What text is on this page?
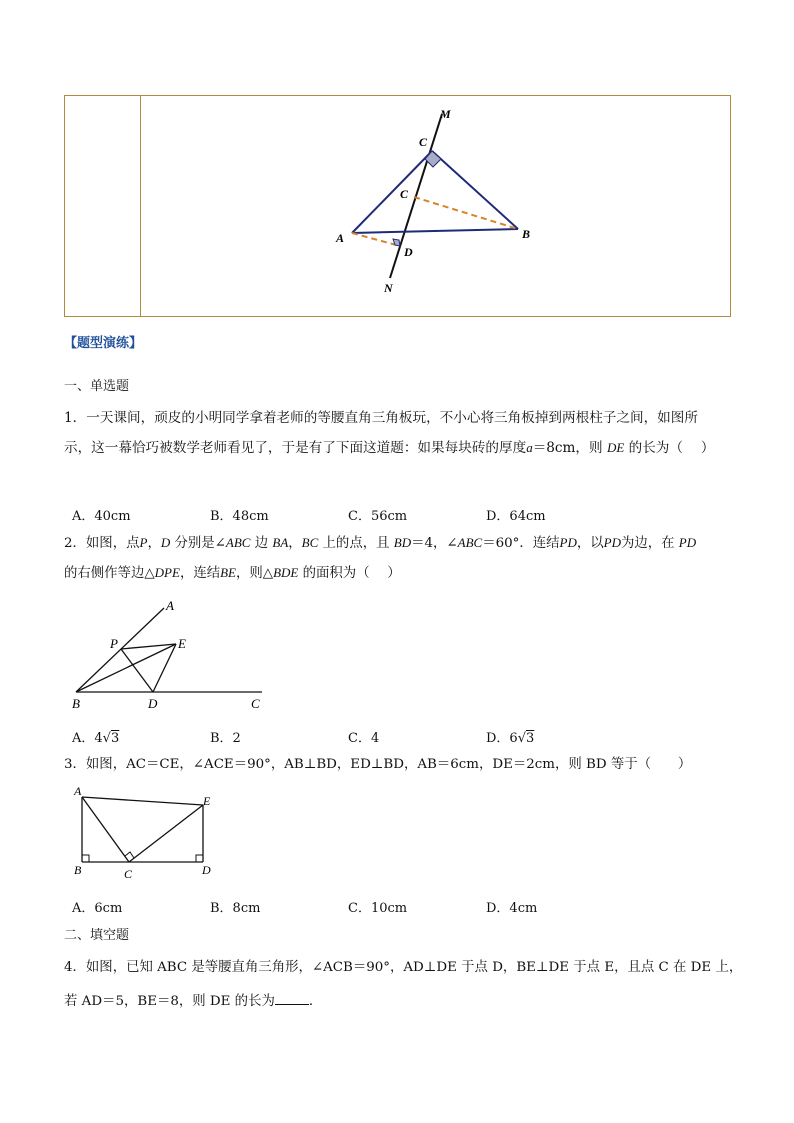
M
C
C
A	B
D
N
【题型演练】
一、单选题
1．一天课间，顽皮的小明同学拿着老师的等腰直角三角板玩，不小心将三角板掉到两根柱子之间，如图所
示，这一幕恰巧被数学老师看见了，于是有了下面这道题：如果每块砖的厚度a＝8cm，则 DE 的长为（　 ）
A．40cm	B．48cm	C．56cm	D．64cm
2．如图，点P，D 分别是∠ABC 边 BA，BC 上的点，且 BD＝4，∠ABC＝60°．连结PD，以PD为边，在 PD
的右侧作等边△DPE，连结BE，则△BDE 的面积为（　 ）
A
P	E
B	D	C
A．4√3	B．2	C．4	D．6√3
3．如图，AC＝CE，∠ACE＝90°，AB⊥BD，ED⊥BD，AB＝6cm，DE＝2cm，则 BD 等于（　　）
A
E
B	C	D
A．6cm	B．8cm	C．10cm	D．4cm
二、填空题
4．如图，已知 ABC 是等腰直角三角形，∠ACB＝90°，AD⊥DE 于点 D，BE⊥DE 于点 E，且点 C 在 DE 上，
若 AD＝5，BE＝8，则 DE 的长为	．
